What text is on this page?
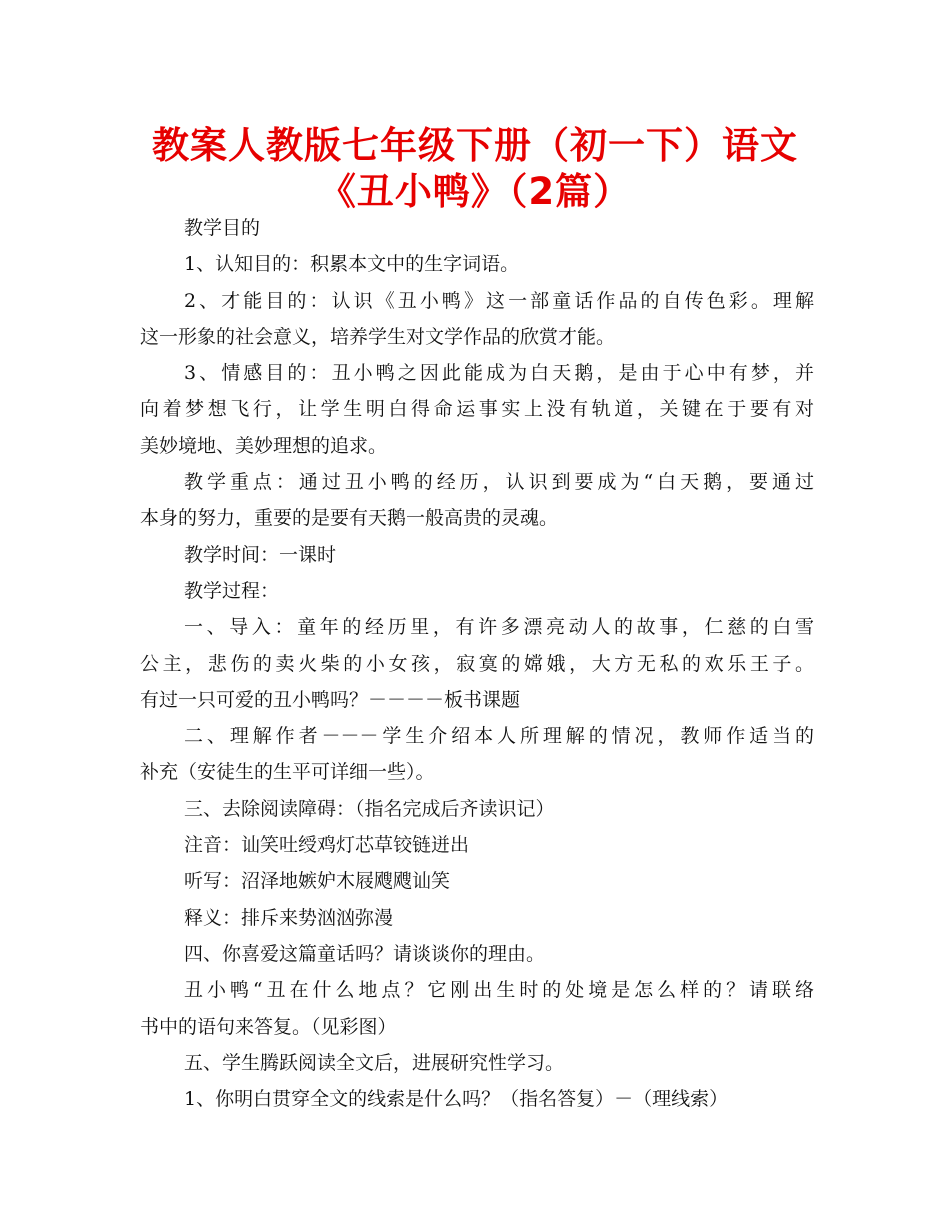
教案人教版七年级下册（初一下）语文
《丑小鸭》（2篇）
教学目的
1、认知目的：积累本文中的生字词语。
2、才能目的：认识《丑小鸭》这一部童话作品的自传色彩。理解
这一形象的社会意义，培养学生对文学作品的欣赏才能。
3、情感目的：丑小鸭之因此能成为白天鹅，是由于心中有梦，并
向着梦想飞行，让学生明白得命运事实上没有轨道，关键在于要有对
美妙境地、美妙理想的追求。
教学重点：通过丑小鸭的经历，认识到要成为“白天鹅，要通过
本身的努力，重要的是要有天鹅一般高贵的灵魂。
教学时间：一课时
教学过程：
一、导入：童年的经历里，有许多漂亮动人的故事，仁慈的白雪
公主，悲伤的卖火柴的小女孩，寂寞的嫦娥，大方无私的欢乐王子。
有过一只可爱的丑小鸭吗？－－－－板书课题
二、理解作者－－－学生介绍本人所理解的情况，教师作适当的
补充（安徒生的生平可详细一些）。
三、去除阅读障碍：（指名完成后齐读识记）
注音：讪笑吐绶鸡灯芯草铰链迸出
听写：沼泽地嫉妒木屐飕飕讪笑
释义：排斥来势汹汹弥漫
四、你喜爱这篇童话吗？请谈谈你的理由。
丑小鸭“丑在什么地点？它刚出生时的处境是怎么样的？请联络
书中的语句来答复。（见彩图）
五、学生腾跃阅读全文后，进展研究性学习。
1、你明白贯穿全文的线索是什么吗？（指名答复）－（理线索）
